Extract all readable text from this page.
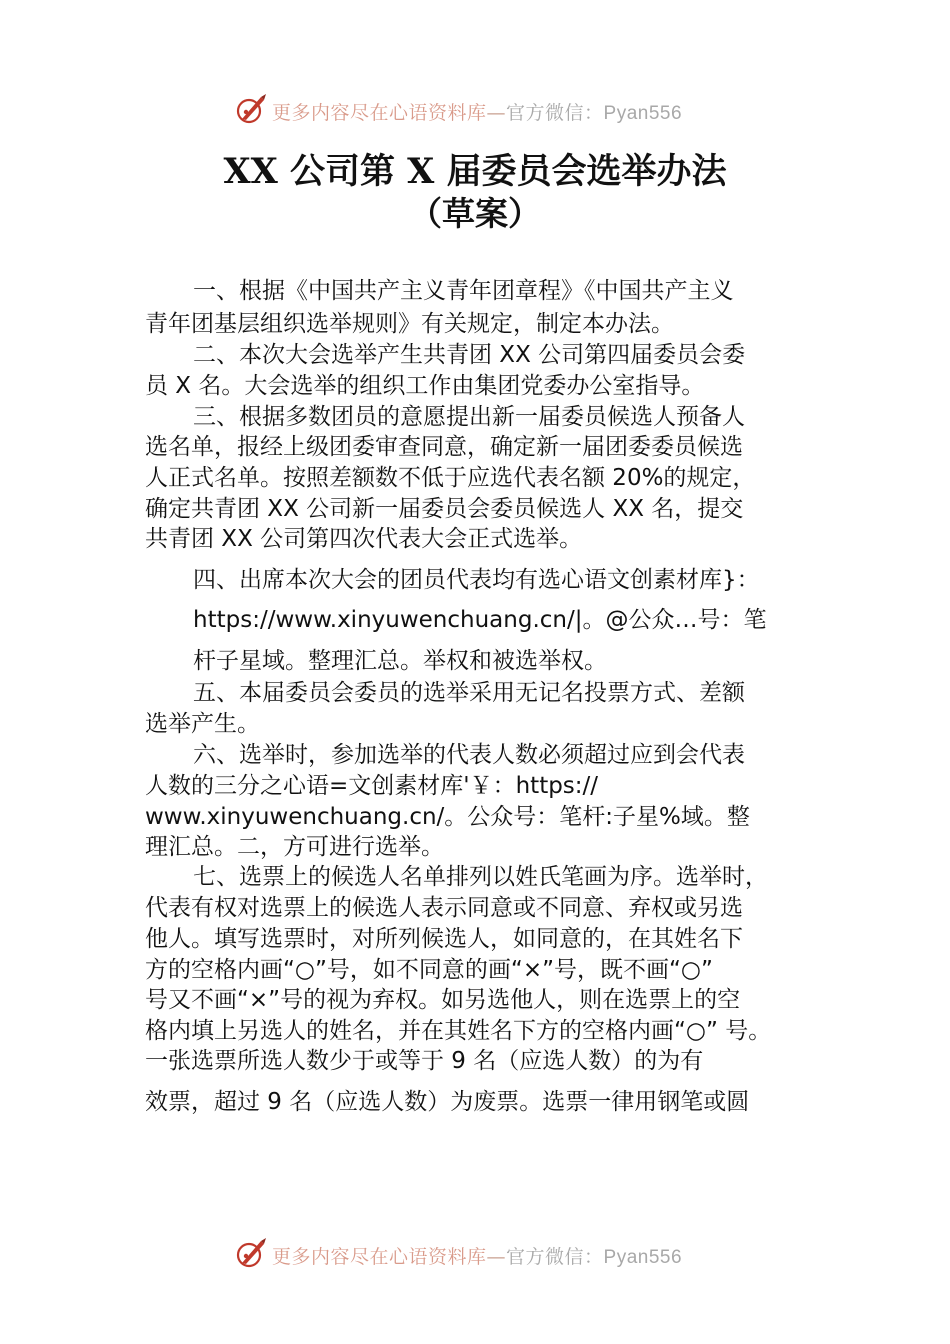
更多内容尽在心语资料库—官方微信：Pyan556
XX 公司第 X 届委员会选举办法
（草案）
一、根据《中国共产主义青年团章程》《中国共产主义
青年团基层组织选举规则》有关规定，制定本办法。
二、本次大会选举产生共青团 XX 公司第四届委员会委
员 X 名。大会选举的组织工作由集团党委办公室指导。
三、根据多数团员的意愿提出新一届委员候选人预备人
选名单，报经上级团委审查同意，确定新一届团委委员候选
人正式名单。按照差额数不低于应选代表名额 20%的规定，
确定共青团 XX 公司新一届委员会委员候选人 XX 名，提交
共青团 XX 公司第四次代表大会正式选举。
四、出席本次大会的团员代表均有选心语文创素材库}：
https://www.xinyuwenchuang.cn/|。@公众…号：笔
杆子星域。整理汇总。举权和被选举权。
五、本届委员会委员的选举采用无记名投票方式、差额
选举产生。
六、选举时，参加选举的代表人数必须超过应到会代表
人数的三分之心语=文创素材库'￥：https://
www.xinyuwenchuang.cn/。公众号：笔杆:子星%域。整
理汇总。二，方可进行选举。
七、选票上的候选人名单排列以姓氏笔画为序。选举时，
代表有权对选票上的候选人表示同意或不同意、弃权或另选
他人。填写选票时，对所列候选人，如同意的，在其姓名下
方的空格内画“○”号，如不同意的画“×”号，既不画“○”
号又不画“×”号的视为弃权。如另选他人，则在选票上的空
格内填上另选人的姓名，并在其姓名下方的空格内画“○” 号。
一张选票所选人数少于或等于 9 名（应选人数）的为有
效票，超过 9 名（应选人数）为废票。选票一律用钢笔或圆
更多内容尽在心语资料库—官方微信：Pyan556
